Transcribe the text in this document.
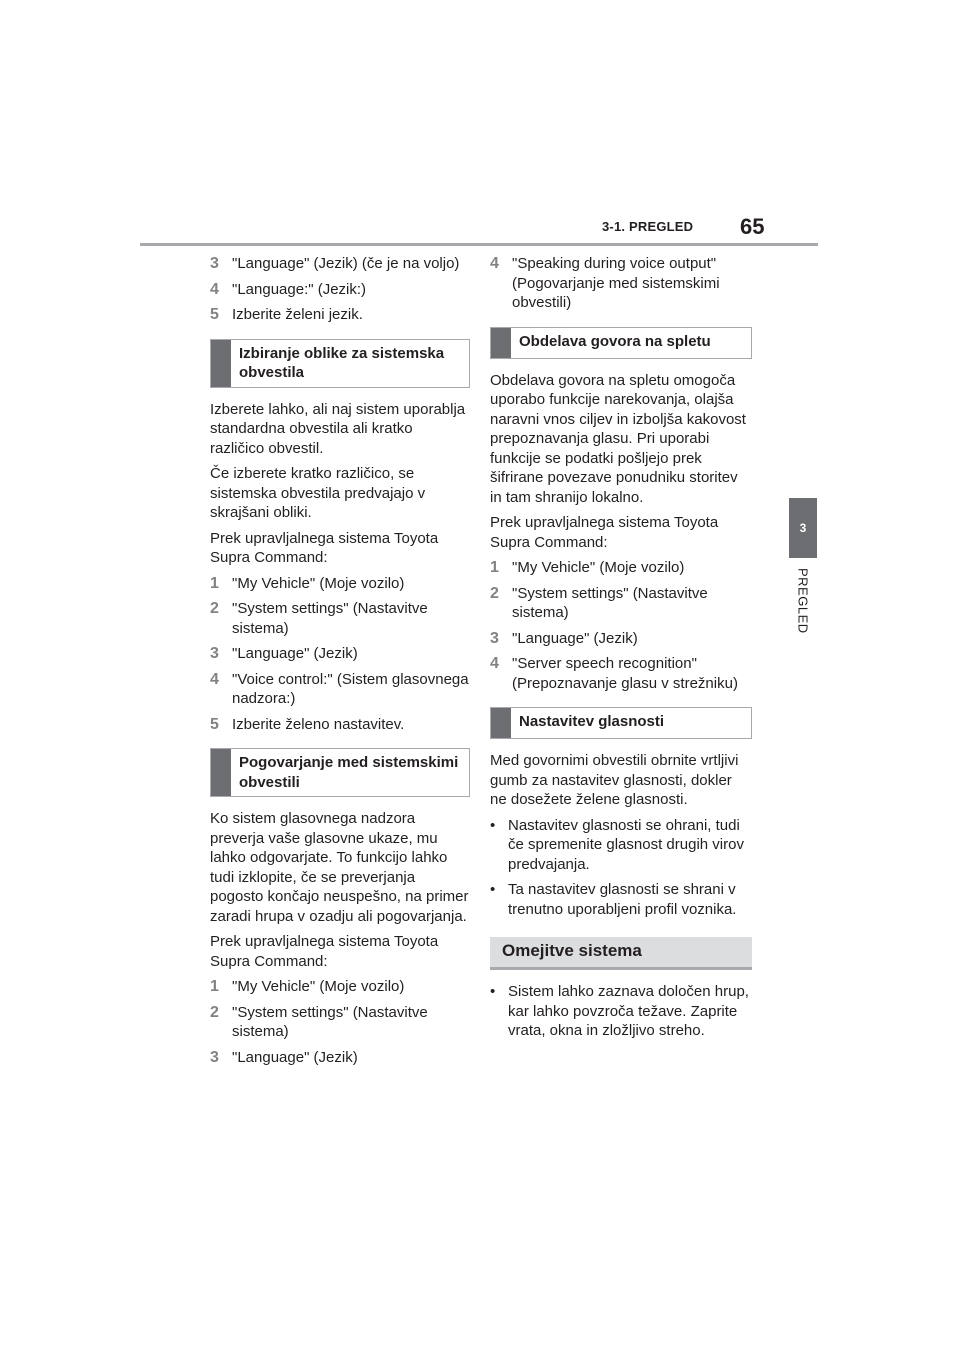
3-1. PREGLED 65
3
PREGLED
3 "Language" (Jezik) (če je na voljo)
4 "Language:" (Jezik:)
5 Izberite želeni jezik.
Izbiranje oblike za sistemska obvestila

Izberete lahko, ali naj sistem uporablja standardna obvestila ali kratko različico obvestil.

Če izberete kratko različico, se sistemska obvestila predvajajo v skrajšani obliki.

Prek upravljalnega sistema Toyota Supra Command:

1 "My Vehicle" (Moje vozilo)
2 "System settings" (Nastavitve sistema)
3 "Language" (Jezik)
4 "Voice control:" (Sistem glasovnega nadzora:)
5 Izberite želeno nastavitev.
Pogovarjanje med sistemskimi obvestili

Ko sistem glasovnega nadzora preverja vaše glasovne ukaze, mu lahko odgovarjate. To funkcijo lahko tudi izklopite, če se preverjanja pogosto končajo neuspešno, na primer zaradi hrupa v ozadju ali pogovarjanja.

Prek upravljalnega sistema Toyota Supra Command:

1 "My Vehicle" (Moje vozilo)
2 "System settings" (Nastavitve sistema)
3 "Language" (Jezik)
4 "Speaking during voice output" (Pogovarjanje med sistemskimi obvestili)
Obdelava govora na spletu

Obdelava govora na spletu omogoča uporabo funkcije narekovanja, olajša naravni vnos ciljev in izboljša kakovost prepoznavanja glasu. Pri uporabi funkcije se podatki pošljejo prek šifrirane povezave ponudniku storitev in tam shranijo lokalno.

Prek upravljalnega sistema Toyota Supra Command:

1 "My Vehicle" (Moje vozilo)
2 "System settings" (Nastavitve sistema)
3 "Language" (Jezik)
4 "Server speech recognition" (Prepoznavanje glasu v strežniku)
Nastavitev glasnosti

Med govornimi obvestili obrnite vrtljivi gumb za nastavitev glasnosti, dokler ne dosežete želene glasnosti.

• Nastavitev glasnosti se ohrani, tudi če spremenite glasnost drugih virov predvajanja.
• Ta nastavitev glasnosti se shrani v trenutno uporabljeni profil voznika.
Omejitve sistema
• Sistem lahko zaznava določen hrup, kar lahko povzroča težave. Zaprite vrata, okna in zložljivo streho.
